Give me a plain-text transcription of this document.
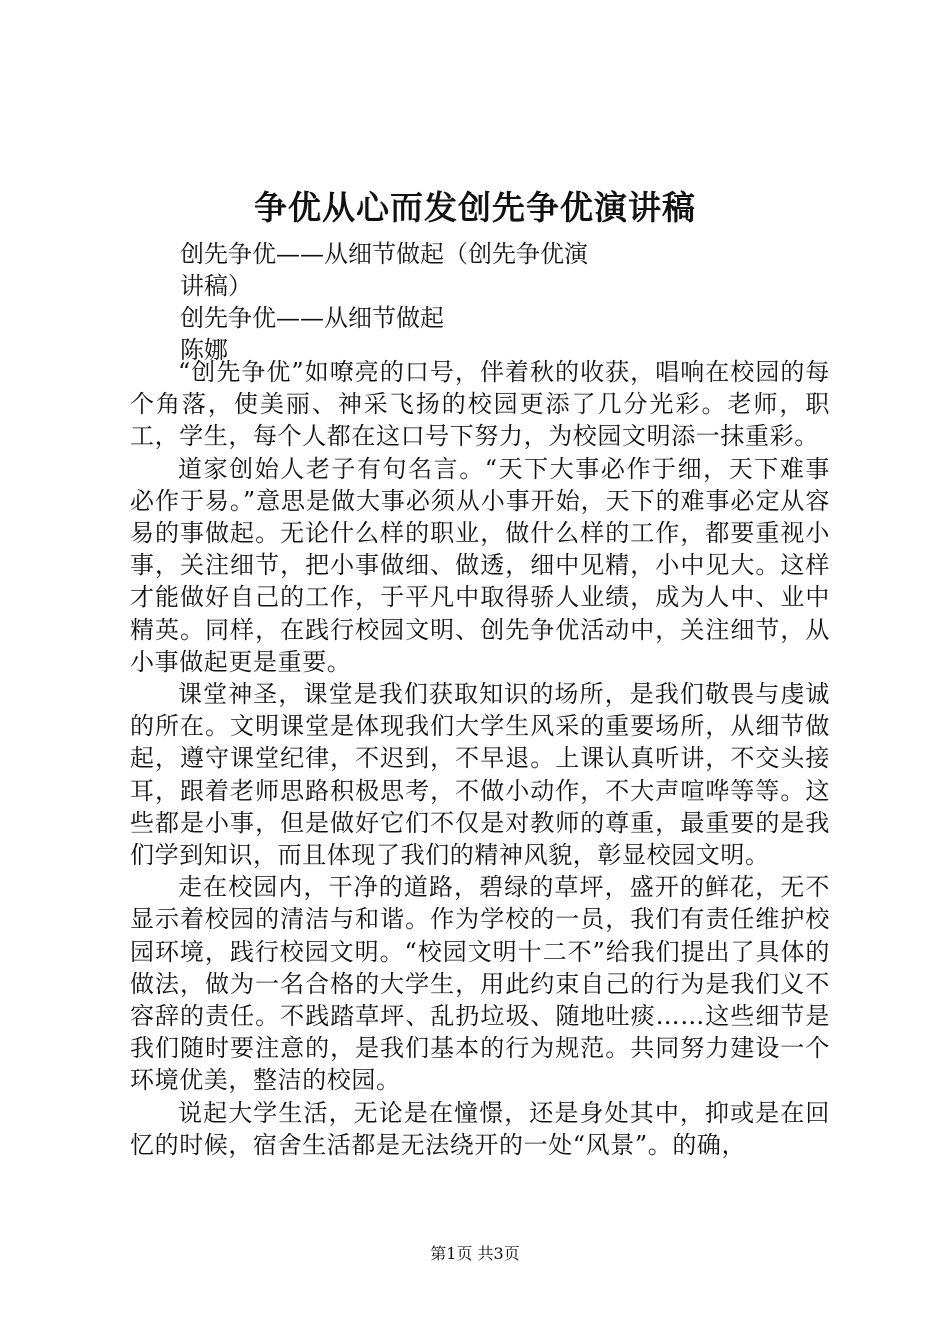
争优从心而发创先争优演讲稿
创先争优——从细节做起（创先争优演
讲稿）
创先争优——从细节做起
陈娜

“创先争优”如嘹亮的口号，伴着秋的收获，唱响在校园的每个角落，使美丽、神采飞扬的校园更添了几分光彩。老师，职工，学生，每个人都在这口号下努力，为校园文明添一抹重彩。

道家创始人老子有句名言。“天下大事必作于细，天下难事必作于易。”意思是做大事必须从小事开始，天下的难事必定从容易的事做起。无论什么样的职业，做什么样的工作，都要重视小事，关注细节，把小事做细、做透，细中见精，小中见大。这样才能做好自己的工作，于平凡中取得骄人业绩，成为人中、业中精英。同样，在践行校园文明、创先争优活动中，关注细节，从小事做起更是重要。

课堂神圣，课堂是我们获取知识的场所，是我们敬畏与虔诚的所在。文明课堂是体现我们大学生风采的重要场所，从细节做起，遵守课堂纪律，不迟到，不早退。上课认真听讲，不交头接耳，跟着老师思路积极思考，不做小动作，不大声喧哗等等。这些都是小事，但是做好它们不仅是对教师的尊重，最重要的是我们学到知识，而且体现了我们的精神风貌，彰显校园文明。

走在校园内，干净的道路，碧绿的草坪，盛开的鲜花，无不显示着校园的清洁与和谐。作为学校的一员，我们有责任维护校园环境，践行校园文明。“校园文明十二不”给我们提出了具体的做法，做为一名合格的大学生，用此约束自己的行为是我们义不容辞的责任。不践踏草坪、乱扔垃圾、随地吐痰……这些细节是我们随时要注意的，是我们基本的行为规范。共同努力建设一个环境优美，整洁的校园。

说起大学生活，无论是在憧憬，还是身处其中，抑或是在回忆的时候，宿舍生活都是无法绕开的一处“风景”。的确，

第1页 共3页
